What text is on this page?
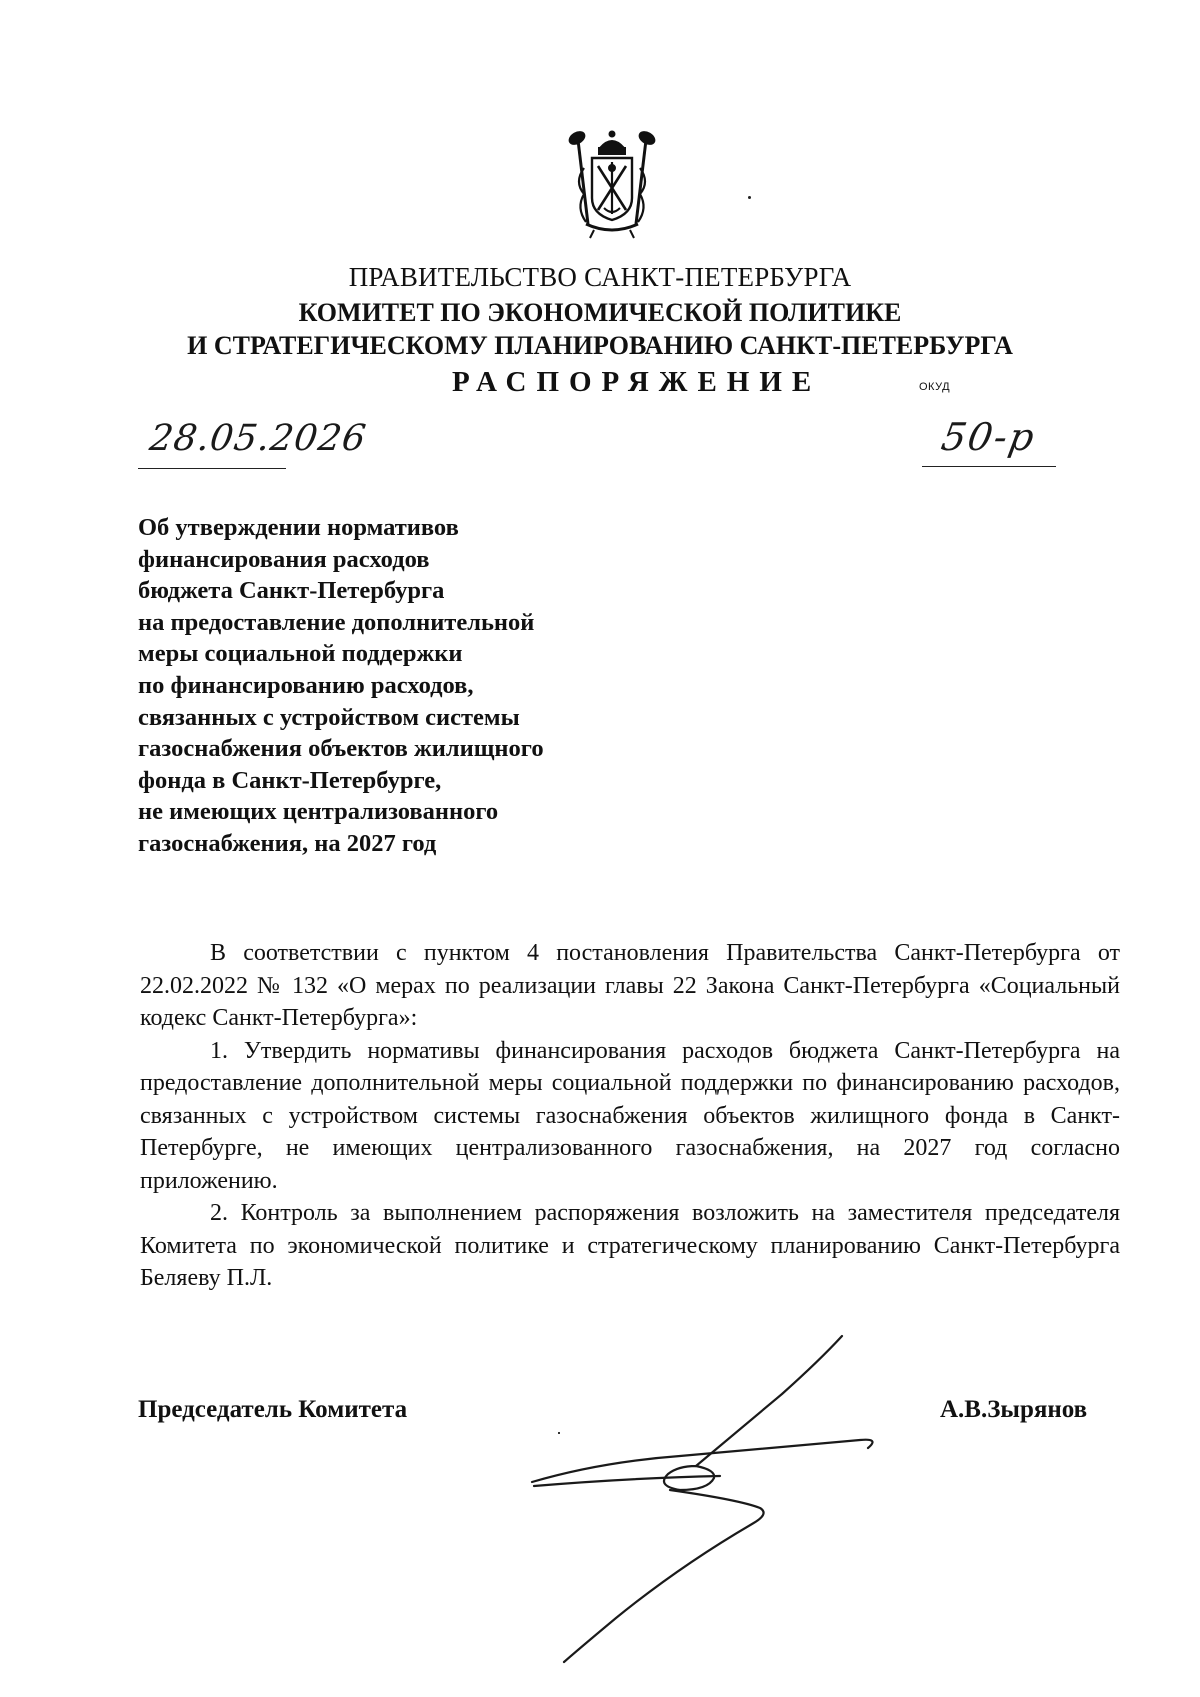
ПРАВИТЕЛЬСТВО САНКТ-ПЕТЕРБУРГА
КОМИТЕТ ПО ЭКОНОМИЧЕСКОЙ ПОЛИТИКЕ
И СТРАТЕГИЧЕСКОМУ ПЛАНИРОВАНИЮ САНКТ-ПЕТЕРБУРГА
РАСПОРЯЖЕНИЕ	ОКУД
28.05.2026	50-р
Об утверждении нормативов
финансирования расходов
бюджета Санкт-Петербурга
на предоставление дополнительной
меры социальной поддержки
по финансированию расходов,
связанных с устройством системы
газоснабжения объектов жилищного
фонда в Санкт-Петербурге,
не имеющих централизованного
газоснабжения, на 2027 год

В соответствии с пунктом 4 постановления Правительства Санкт-Петербурга от 22.02.2022 № 132 «О мерах по реализации главы 22 Закона Санкт-Петербурга «Социальный кодекс Санкт-Петербурга»:

1. Утвердить нормативы финансирования расходов бюджета Санкт-Петербурга на предоставление дополнительной меры социальной поддержки по финансированию расходов, связанных с устройством системы газоснабжения объектов жилищного фонда в Санкт-Петербурге, не имеющих централизованного газоснабжения, на 2027 год согласно приложению.

2. Контроль за выполнением распоряжения возложить на заместителя председателя Комитета по экономической политике и стратегическому планированию Санкт-Петербурга Беляеву П.Л.

Председатель Комитета	А.В.Зырянов
